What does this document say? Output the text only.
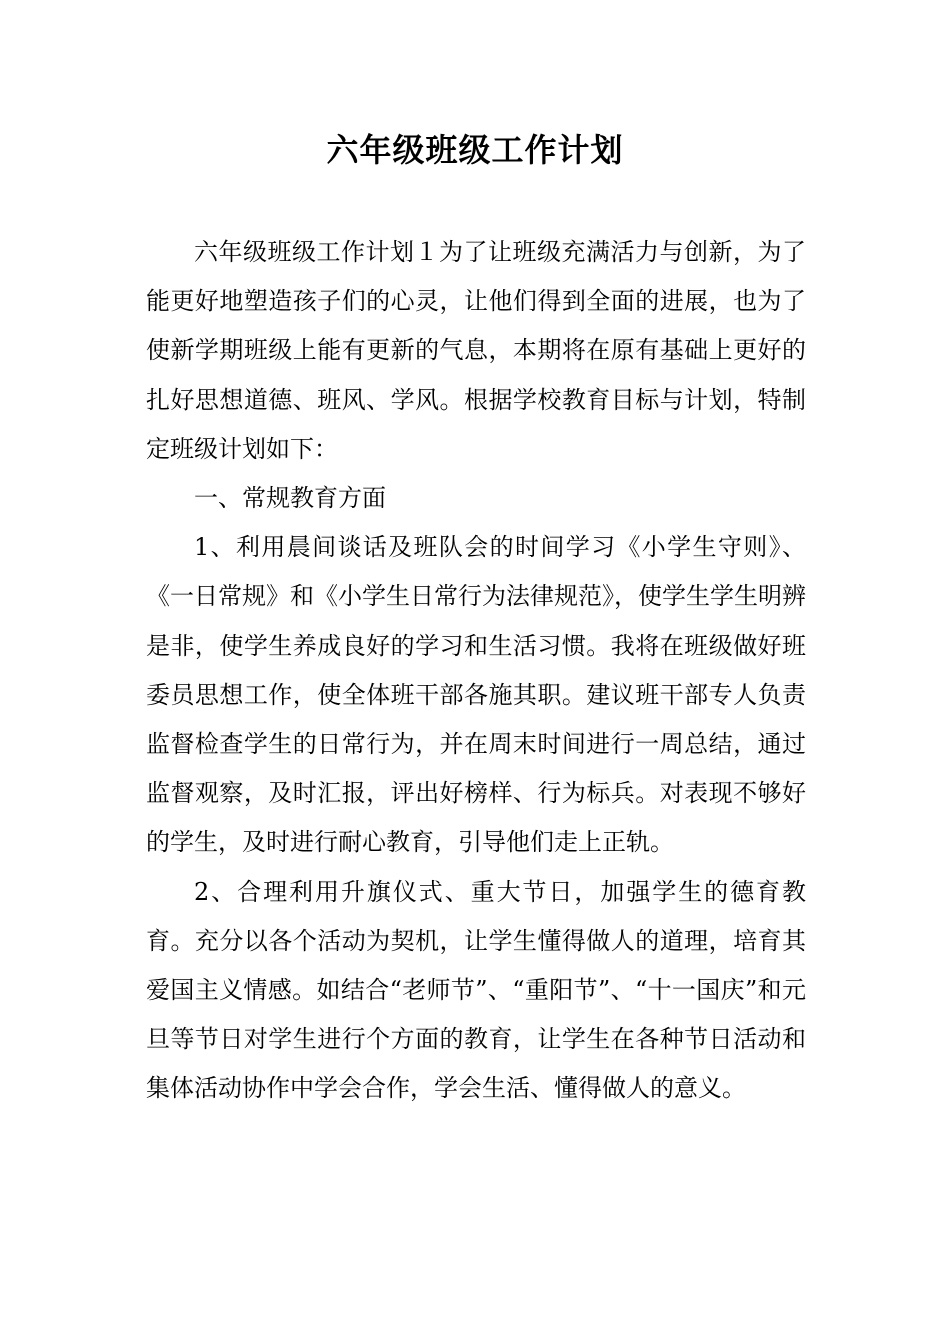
六年级班级工作计划

六年级班级工作计划１为了让班级充满活力与创新，为了能更好地塑造孩子们的心灵，让他们得到全面的进展，也为了使新学期班级上能有更新的气息，本期将在原有基础上更好的扎好思想道德、班风、学风。根据学校教育目标与计划，特制定班级计划如下：

一、常规教育方面

1、利用晨间谈话及班队会的时间学习《小学生守则》、《一日常规》和《小学生日常行为法律规范》，使学生学生明辨是非，使学生养成良好的学习和生活习惯。我将在班级做好班委员思想工作，使全体班干部各施其职。建议班干部专人负责监督检查学生的日常行为，并在周末时间进行一周总结，通过监督观察，及时汇报，评出好榜样、行为标兵。对表现不够好的学生，及时进行耐心教育，引导他们走上正轨。

2、合理利用升旗仪式、重大节日，加强学生的德育教育。充分以各个活动为契机，让学生懂得做人的道理，培育其爱国主义情感。如结合“老师节”、“重阳节”、“十一国庆”和元旦等节日对学生进行个方面的教育，让学生在各种节日活动和集体活动协作中学会合作，学会生活、懂得做人的意义。
